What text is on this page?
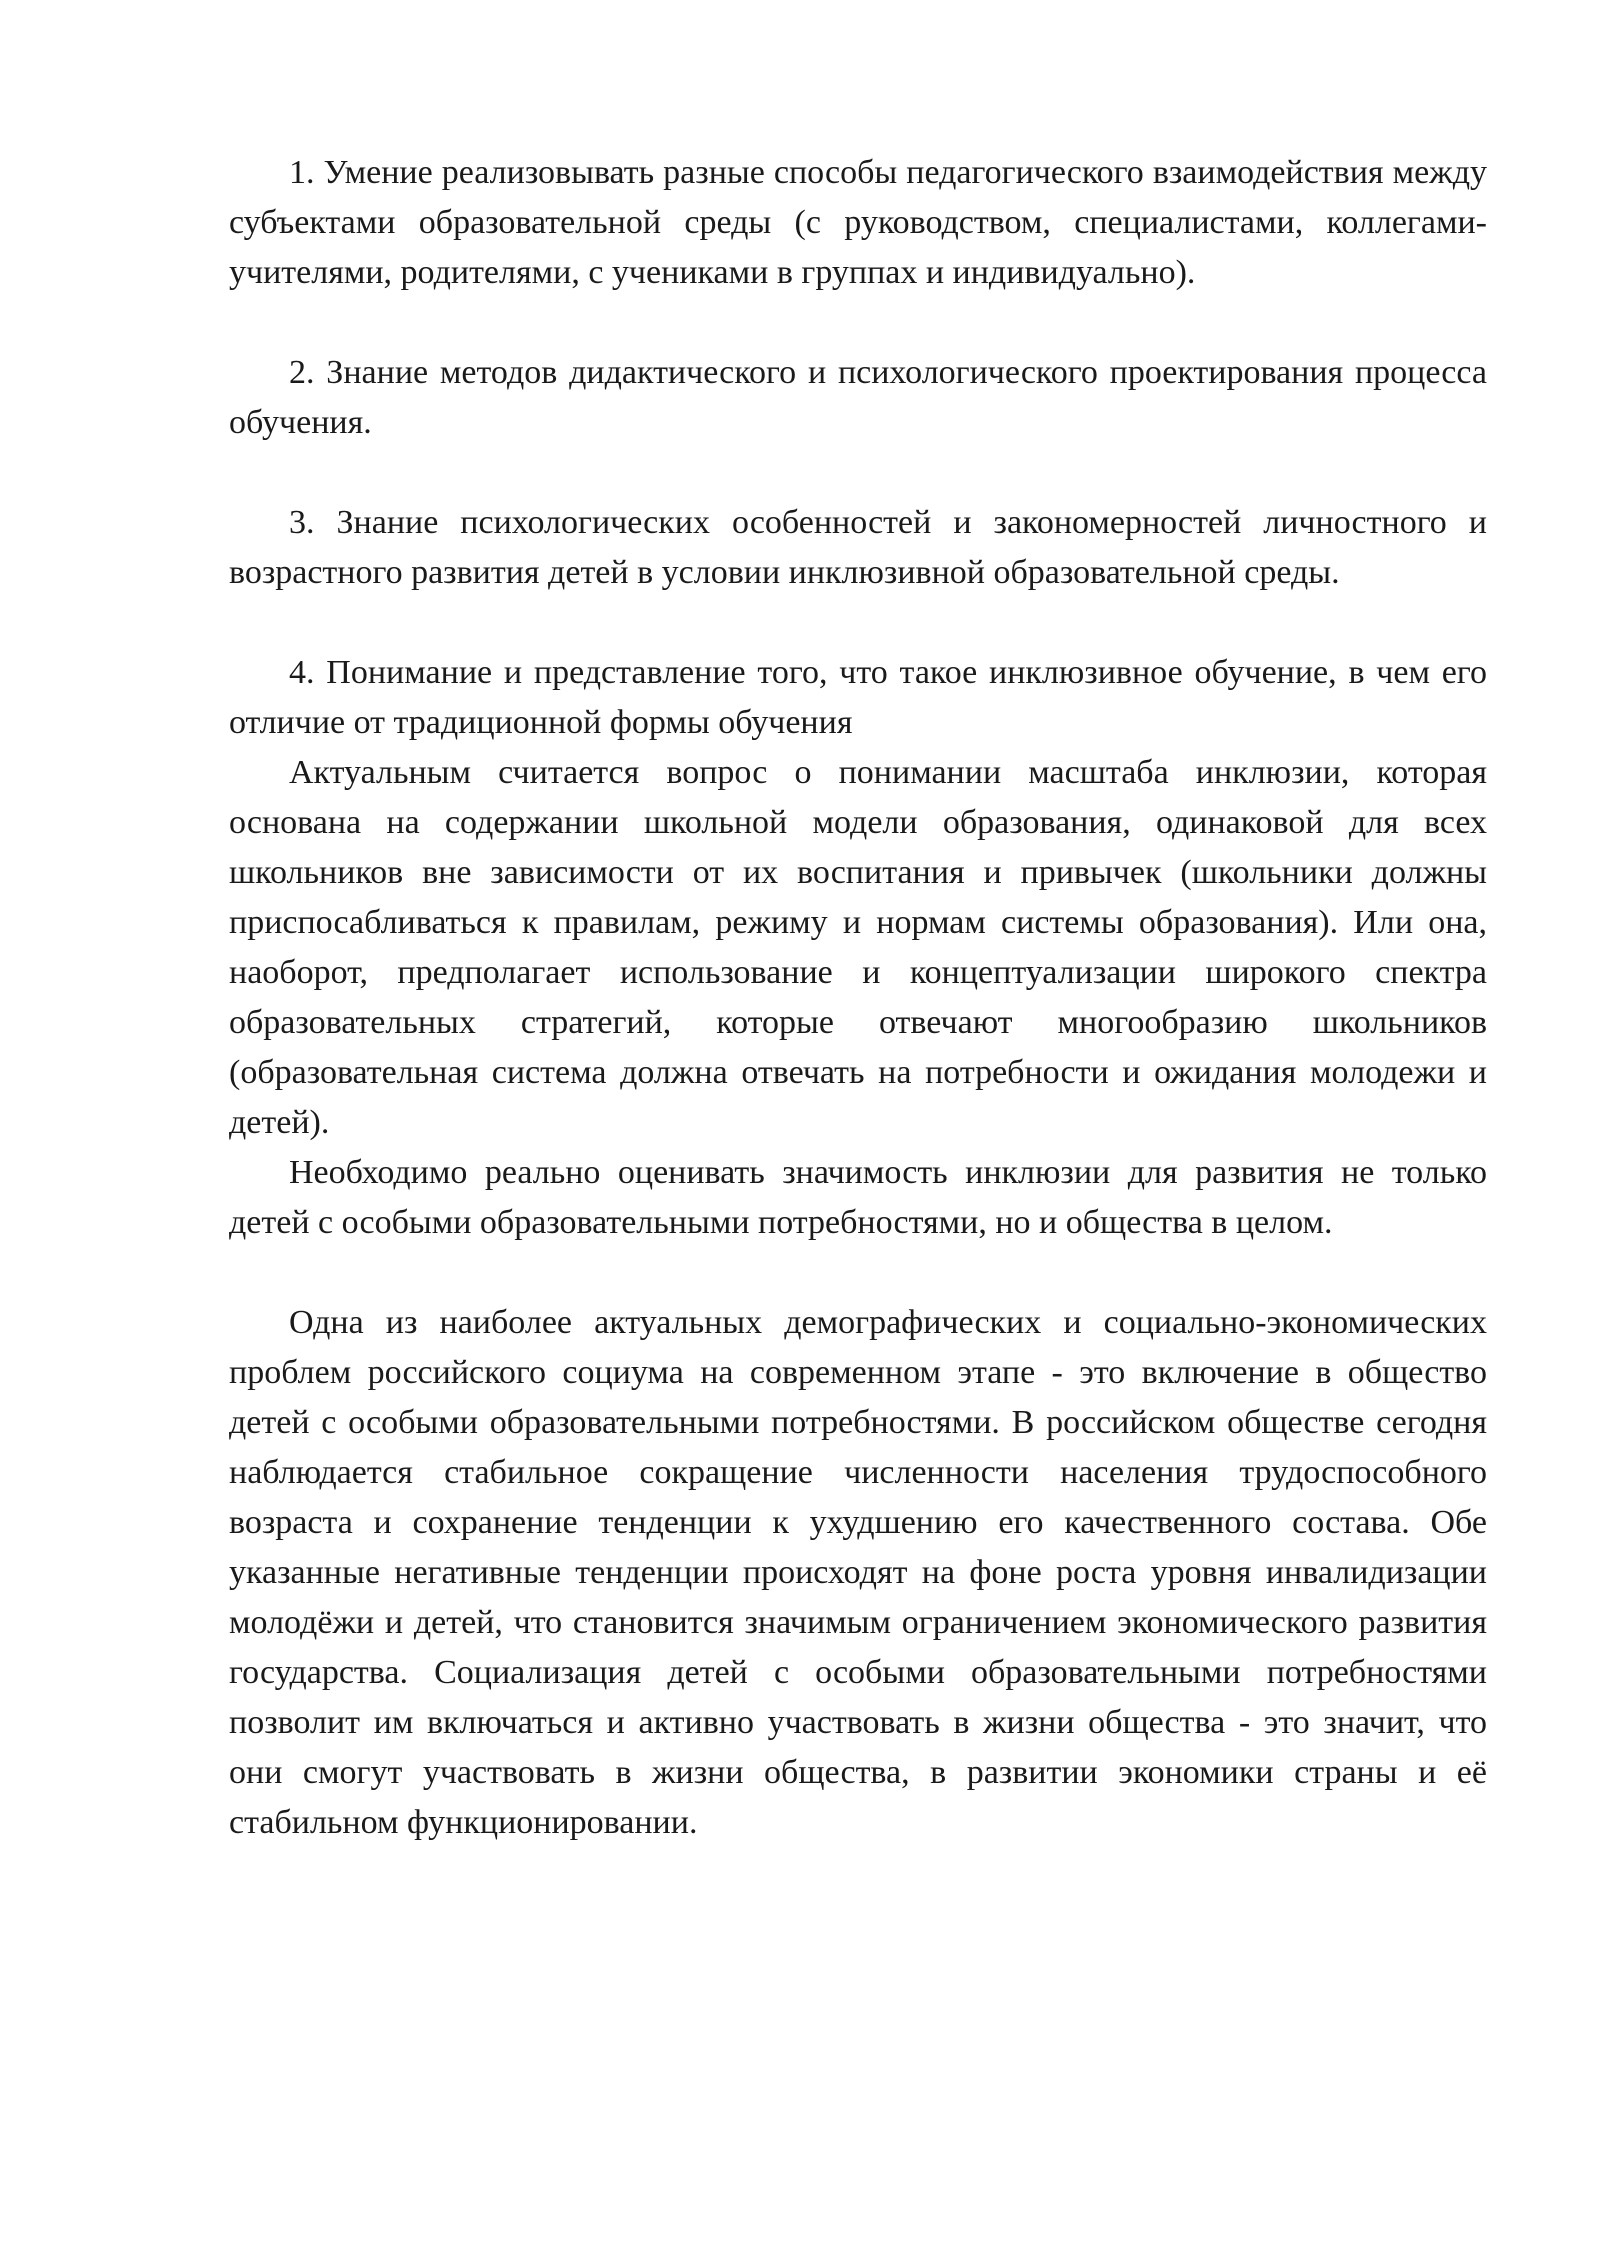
1. Умение реализовывать разные способы педагогического взаимодействия между субъектами образовательной среды (с руководством, специалистами, коллегами-учителями, родителями, с учениками в группах и индивидуально).

2. Знание методов дидактического и психологического проектирования процесса обучения.

3. Знание психологических особенностей и закономерностей личностного и возрастного развития детей в условии инклюзивной образовательной среды.

4. Понимание и представление того, что такое инклюзивное обучение, в чем его отличие от традиционной формы обучения

Актуальным считается вопрос о понимании масштаба инклюзии, которая основана на содержании школьной модели образования, одинаковой для всех школьников вне зависимости от их воспитания и привычек (школьники должны приспосабливаться к правилам, режиму и нормам системы образования). Или она, наоборот, предполагает использование и концептуализации широкого спектра образовательных стратегий, которые отвечают многообразию школьников (образовательная система должна отвечать на потребности и ожидания молодежи и детей).

Необходимо реально оценивать значимость инклюзии для развития не только детей с особыми образовательными потребностями, но и общества в целом.

Одна из наиболее актуальных демографических и социально-экономических проблем российского социума на современном этапе - это включение в общество детей с особыми образовательными потребностями. В российском обществе сегодня наблюдается стабильное сокращение численности населения трудоспособного возраста и сохранение тенденции к ухудшению его качественного состава. Обе указанные негативные тенденции происходят на фоне роста уровня инвалидизации молодёжи и детей, что становится значимым ограничением экономического развития государства. Социализация детей с особыми образовательными потребностями позволит им включаться и активно участвовать в жизни общества - это значит, что они смогут участвовать в жизни общества, в развитии экономики страны и её стабильном функционировании.
